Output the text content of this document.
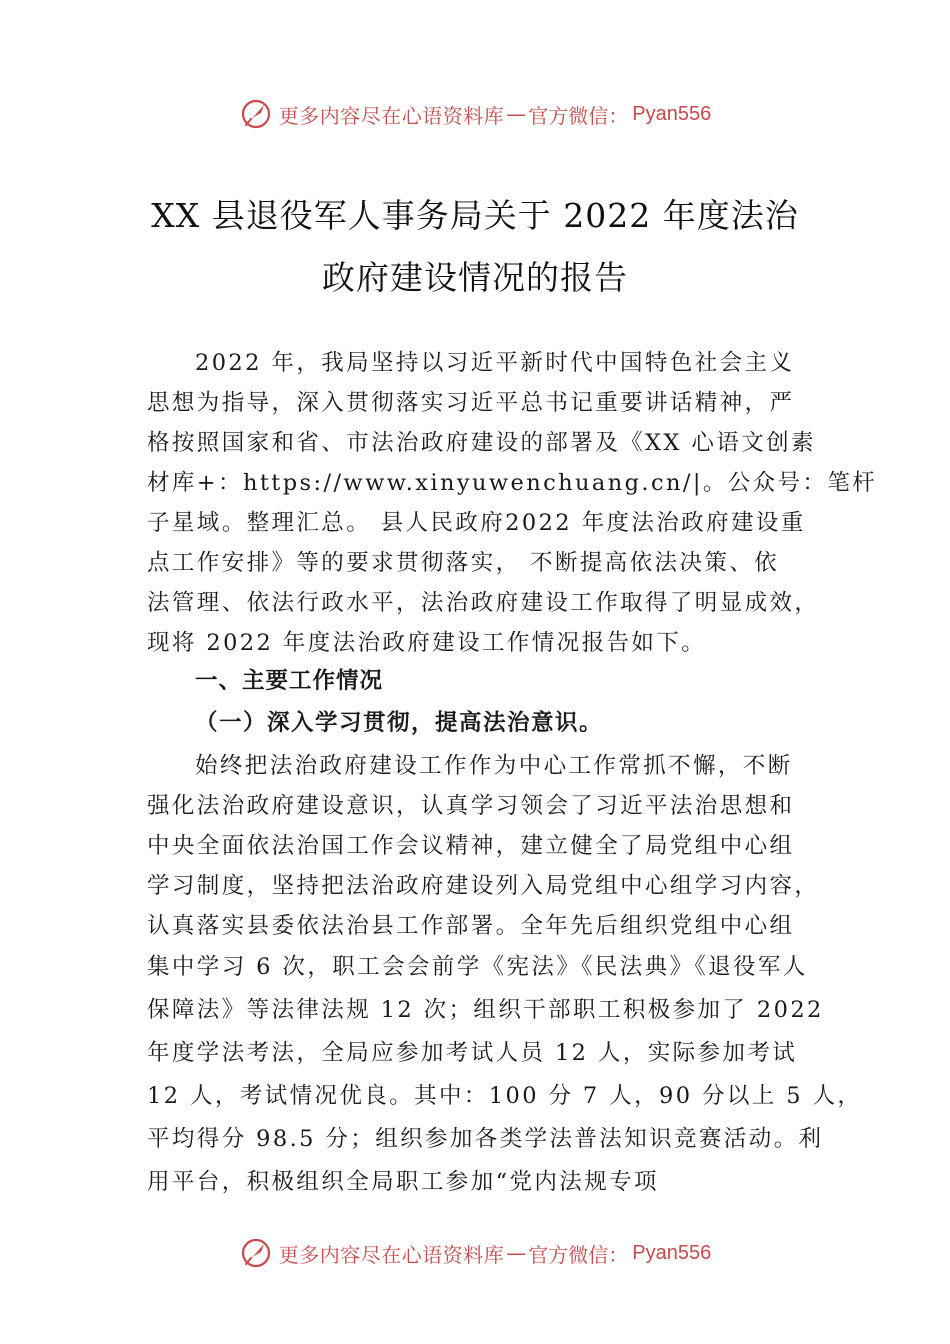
更多内容尽在心语资料库 — 官方微信： Pyan556
XX 县退役军人事务局关于 2022 年度法治
政府建设情况的报告
2022 年，我局坚持以习近平新时代中国特色社会主义
思想为指导，深入贯彻落实习近平总书记重要讲话精神，严
格按照国家和省、市法治政府建设的部署及《XX 心语文创素
材库+：https://www.xinyuwenchuang.cn/|。公众号：笔杆
子星域。整理汇总。 县人民政府2022 年度法治政府建设重
点工作安排》等的要求贯彻落实， 不断提高依法决策、依
法管理、依法行政水平，法治政府建设工作取得了明显成效，
现将 2022 年度法治政府建设工作情况报告如下。
一、主要工作情况
（一）深入学习贯彻，提高法治意识。
始终把法治政府建设工作作为中心工作常抓不懈，不断
强化法治政府建设意识，认真学习领会了习近平法治思想和
中央全面依法治国工作会议精神，建立健全了局党组中心组
学习制度，坚持把法治政府建设列入局党组中心组学习内容，
认真落实县委依法治县工作部署。全年先后组织党组中心组
集中学习 6 次，职工会会前学《宪法》《民法典》《退役军人
保障法》等法律法规 12 次；组织干部职工积极参加了 2022
年度学法考法，全局应参加考试人员 12 人，实际参加考试
12 人，考试情况优良。其中：100 分 7 人，90 分以上 5 人，
平均得分 98.5 分；组织参加各类学法普法知识竞赛活动。利
用平台，积极组织全局职工参加“党内法规专项
更多内容尽在心语资料库 — 官方微信： Pyan556
